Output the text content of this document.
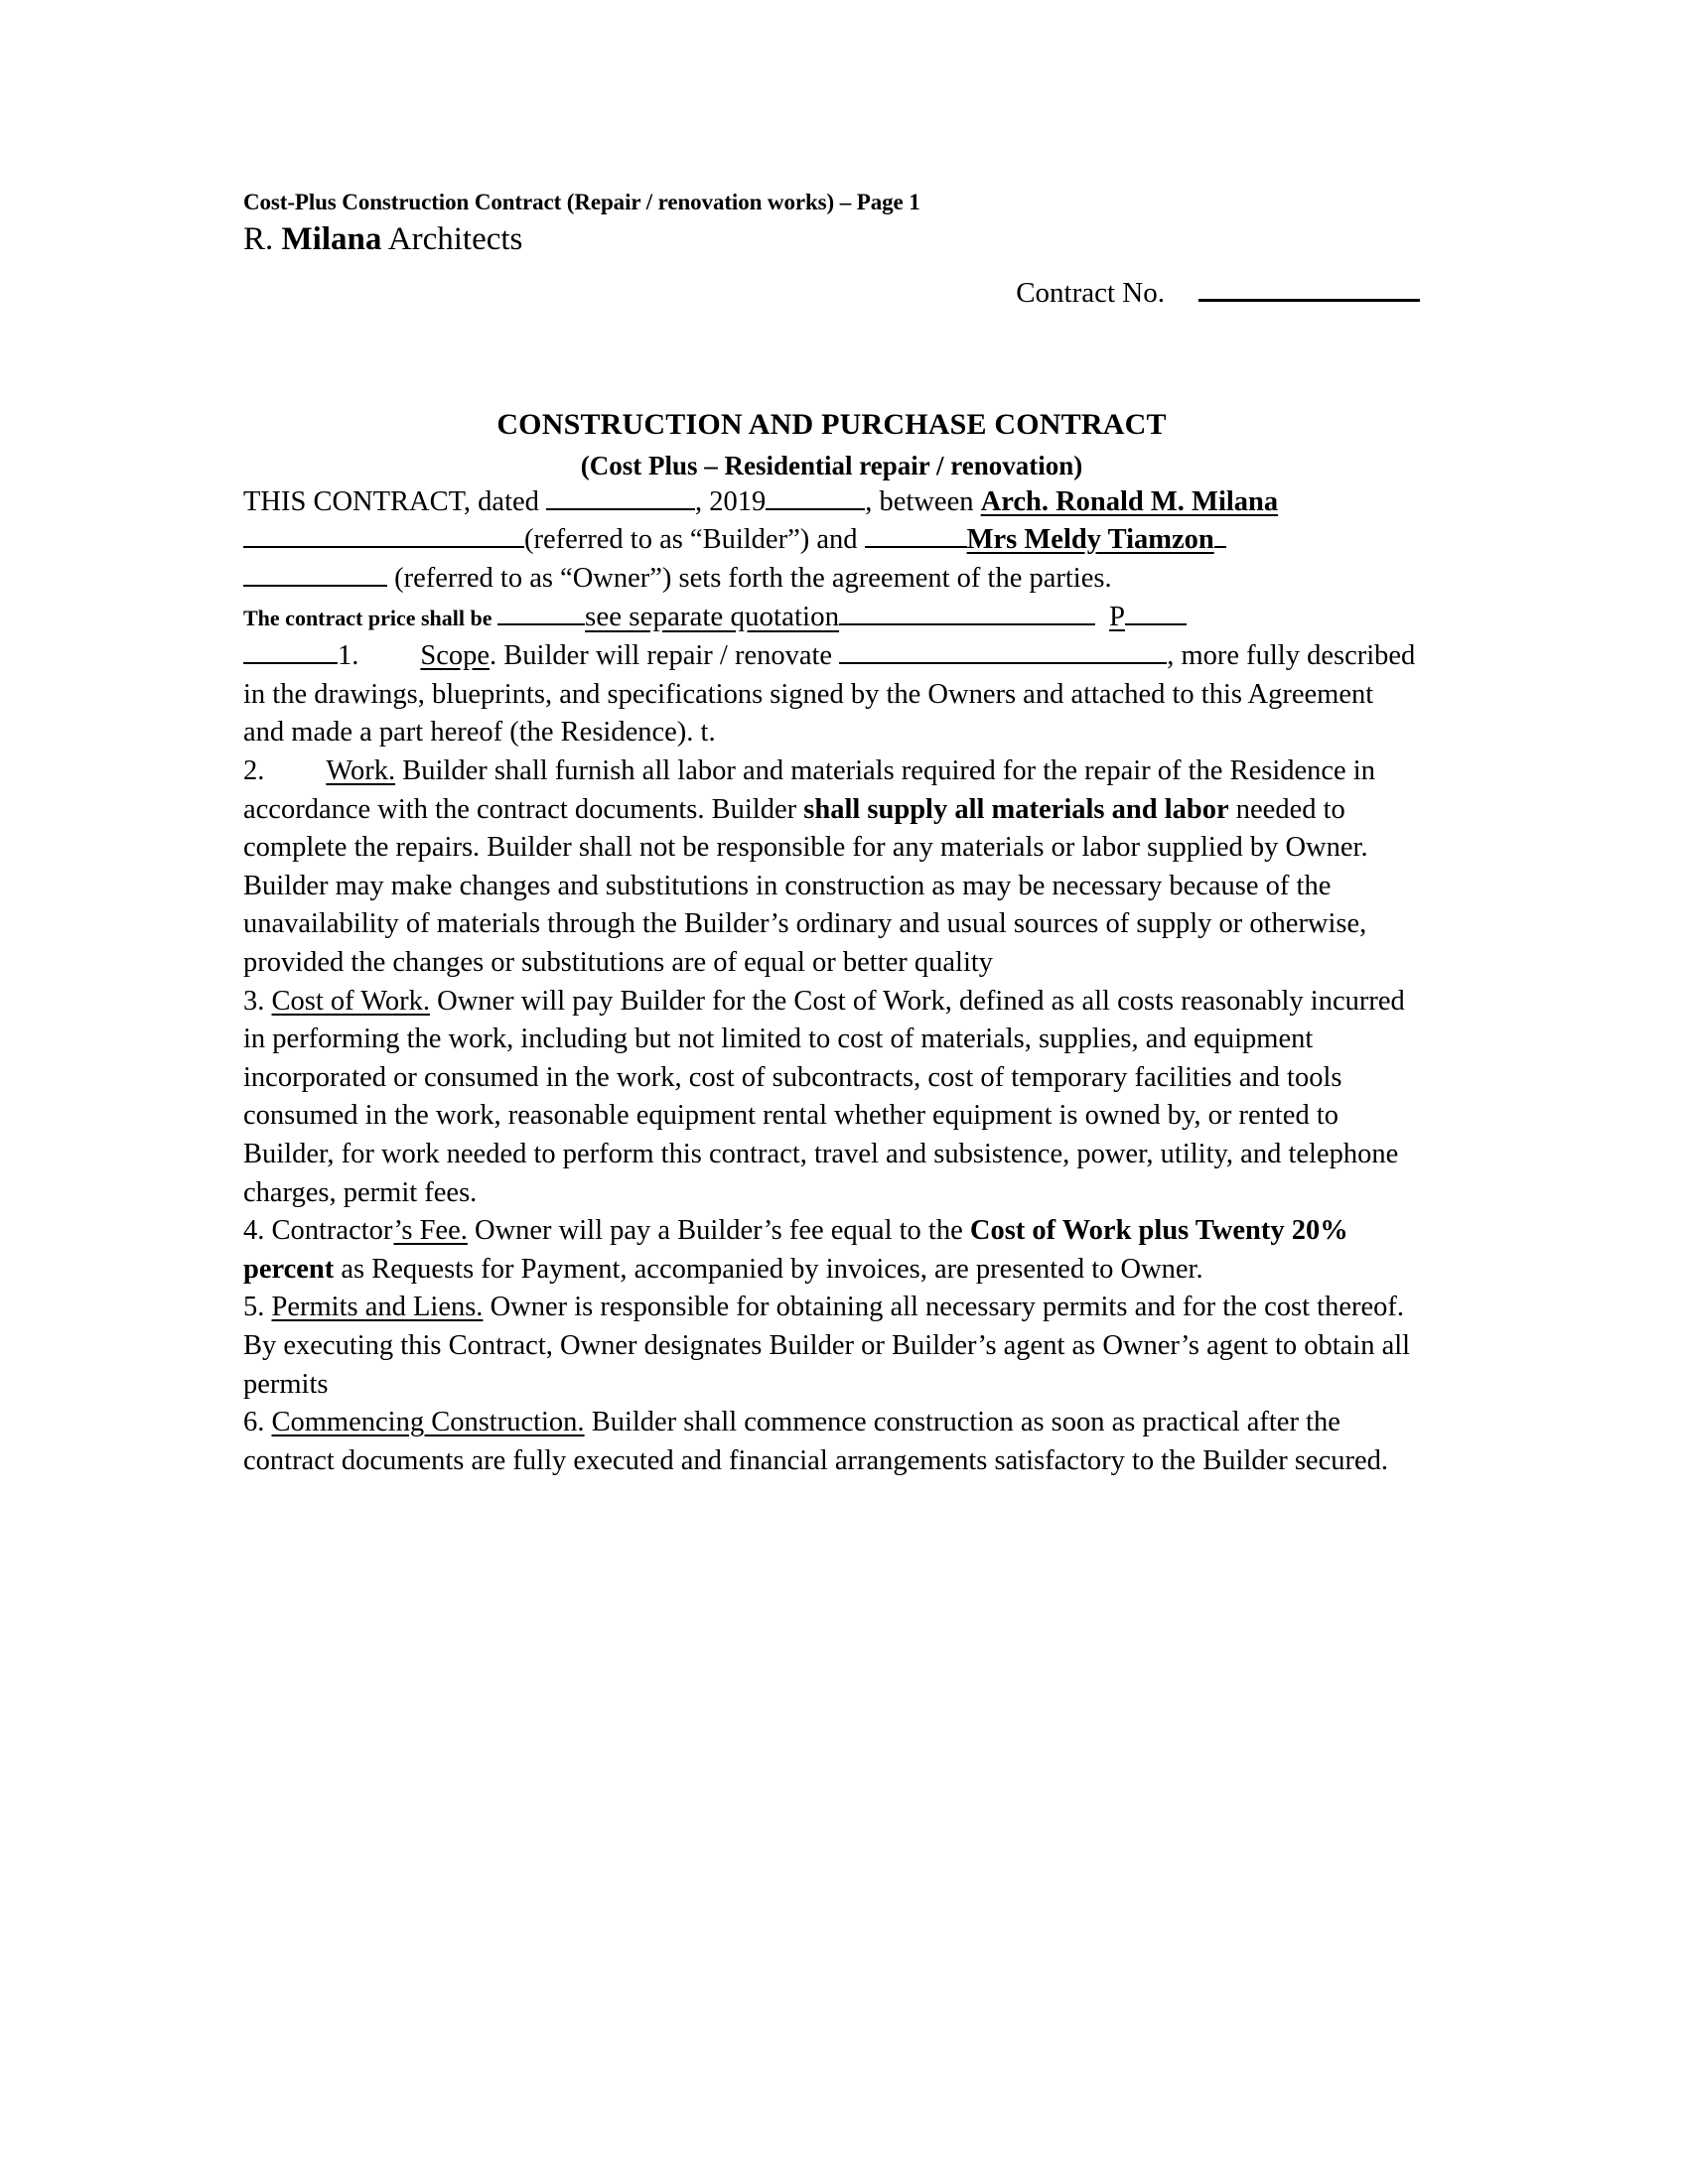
Cost-Plus Construction Contract (Repair / renovation works) – Page 1
R. Milana Architects
Contract No.
CONSTRUCTION AND PURCHASE CONTRACT
(Cost Plus – Residential repair / renovation)

THIS CONTRACT, dated	, 2019	, between Arch. Ronald M. Milana
(referred to as “Builder”) and	Mrs Meldy Tiamzon
(referred to as “Owner”) sets forth the agreement of the parties.

The contract price shall be	see separate quotation	P

1. Scope. Builder will repair / renovate	, more fully described in the drawings, blueprints, and specifications signed by the Owners and attached to this Agreement and made a part hereof (the Residence). t.

2. Work. Builder shall furnish all labor and materials required for the repair of the Residence in accordance with the contract documents. Builder shall supply all materials and labor needed to complete the repairs. Builder shall not be responsible for any materials or labor supplied by Owner. Builder may make changes and substitutions in construction as may be necessary because of the unavailability of materials through the Builder’s ordinary and usual sources of supply or otherwise, provided the changes or substitutions are of equal or better quality

3. Cost of Work. Owner will pay Builder for the Cost of Work, defined as all costs reasonably incurred in performing the work, including but not limited to cost of materials, supplies, and equipment incorporated or consumed in the work, cost of subcontracts, cost of temporary facilities and tools consumed in the work, reasonable equipment rental whether equipment is owned by, or rented to Builder, for work needed to perform this contract, travel and subsistence, power, utility, and telephone charges, permit fees.

4. Contractor’s Fee. Owner will pay a Builder’s fee equal to the Cost of Work plus Twenty 20% percent as Requests for Payment, accompanied by invoices, are presented to Owner.

5. Permits and Liens. Owner is responsible for obtaining all necessary permits and for the cost thereof. By executing this Contract, Owner designates Builder or Builder’s agent as Owner’s agent to obtain all permits

6. Commencing Construction. Builder shall commence construction as soon as practical after the contract documents are fully executed and financial arrangements satisfactory to the Builder secured.
